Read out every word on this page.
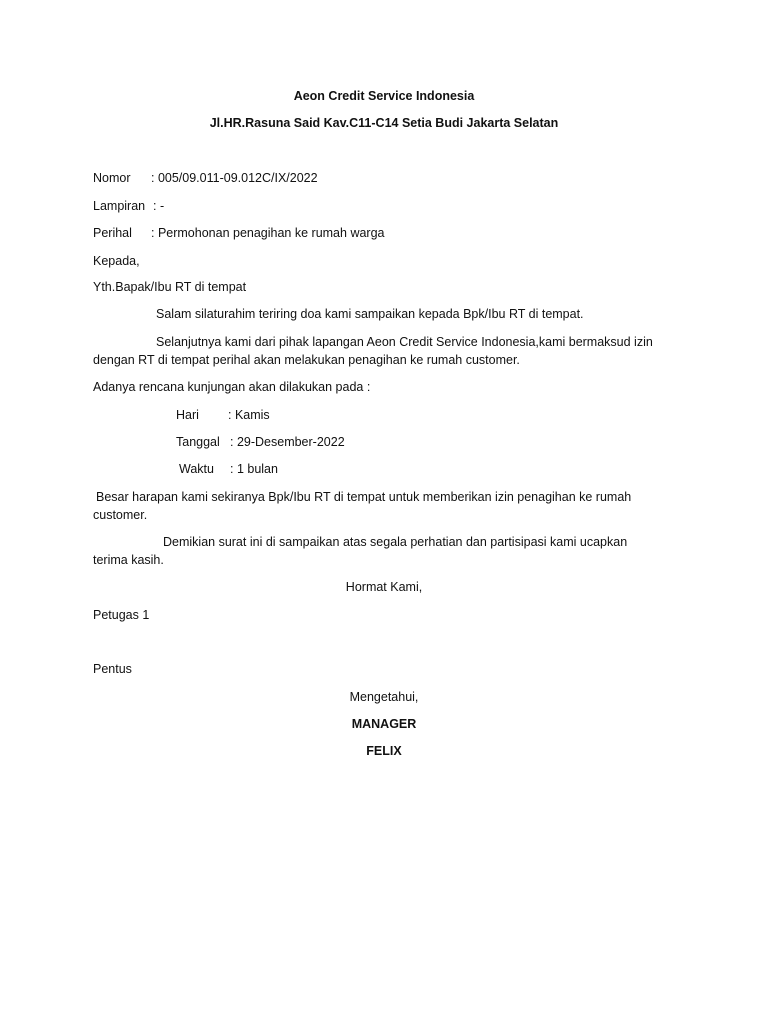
Aeon Credit Service Indonesia
Jl.HR.Rasuna Said Kav.C11-C14 Setia Budi Jakarta Selatan
Nomor : 005/09.011-09.012C/IX/2022
Lampiran : -
Perihal : Permohonan penagihan ke rumah warga
Kepada,
Yth.Bapak/Ibu RT di tempat
Salam silaturahim teriring doa kami sampaikan kepada Bpk/Ibu RT di tempat.
Selanjutnya kami dari pihak lapangan Aeon Credit Service Indonesia,kami bermaksud izin
dengan RT di tempat perihal akan melakukan penagihan ke rumah customer.
Adanya rencana kunjungan akan dilakukan pada :
Hari : Kamis
Tanggal : 29-Desember-2022
Waktu : 1 bulan
Besar harapan kami sekiranya Bpk/Ibu RT di tempat untuk memberikan izin penagihan ke rumah
customer.
Demikian surat ini di sampaikan atas segala perhatian dan partisipasi kami ucapkan
terima kasih.
Hormat Kami,
Petugas 1
Pentus
Mengetahui,
MANAGER
FELIX
